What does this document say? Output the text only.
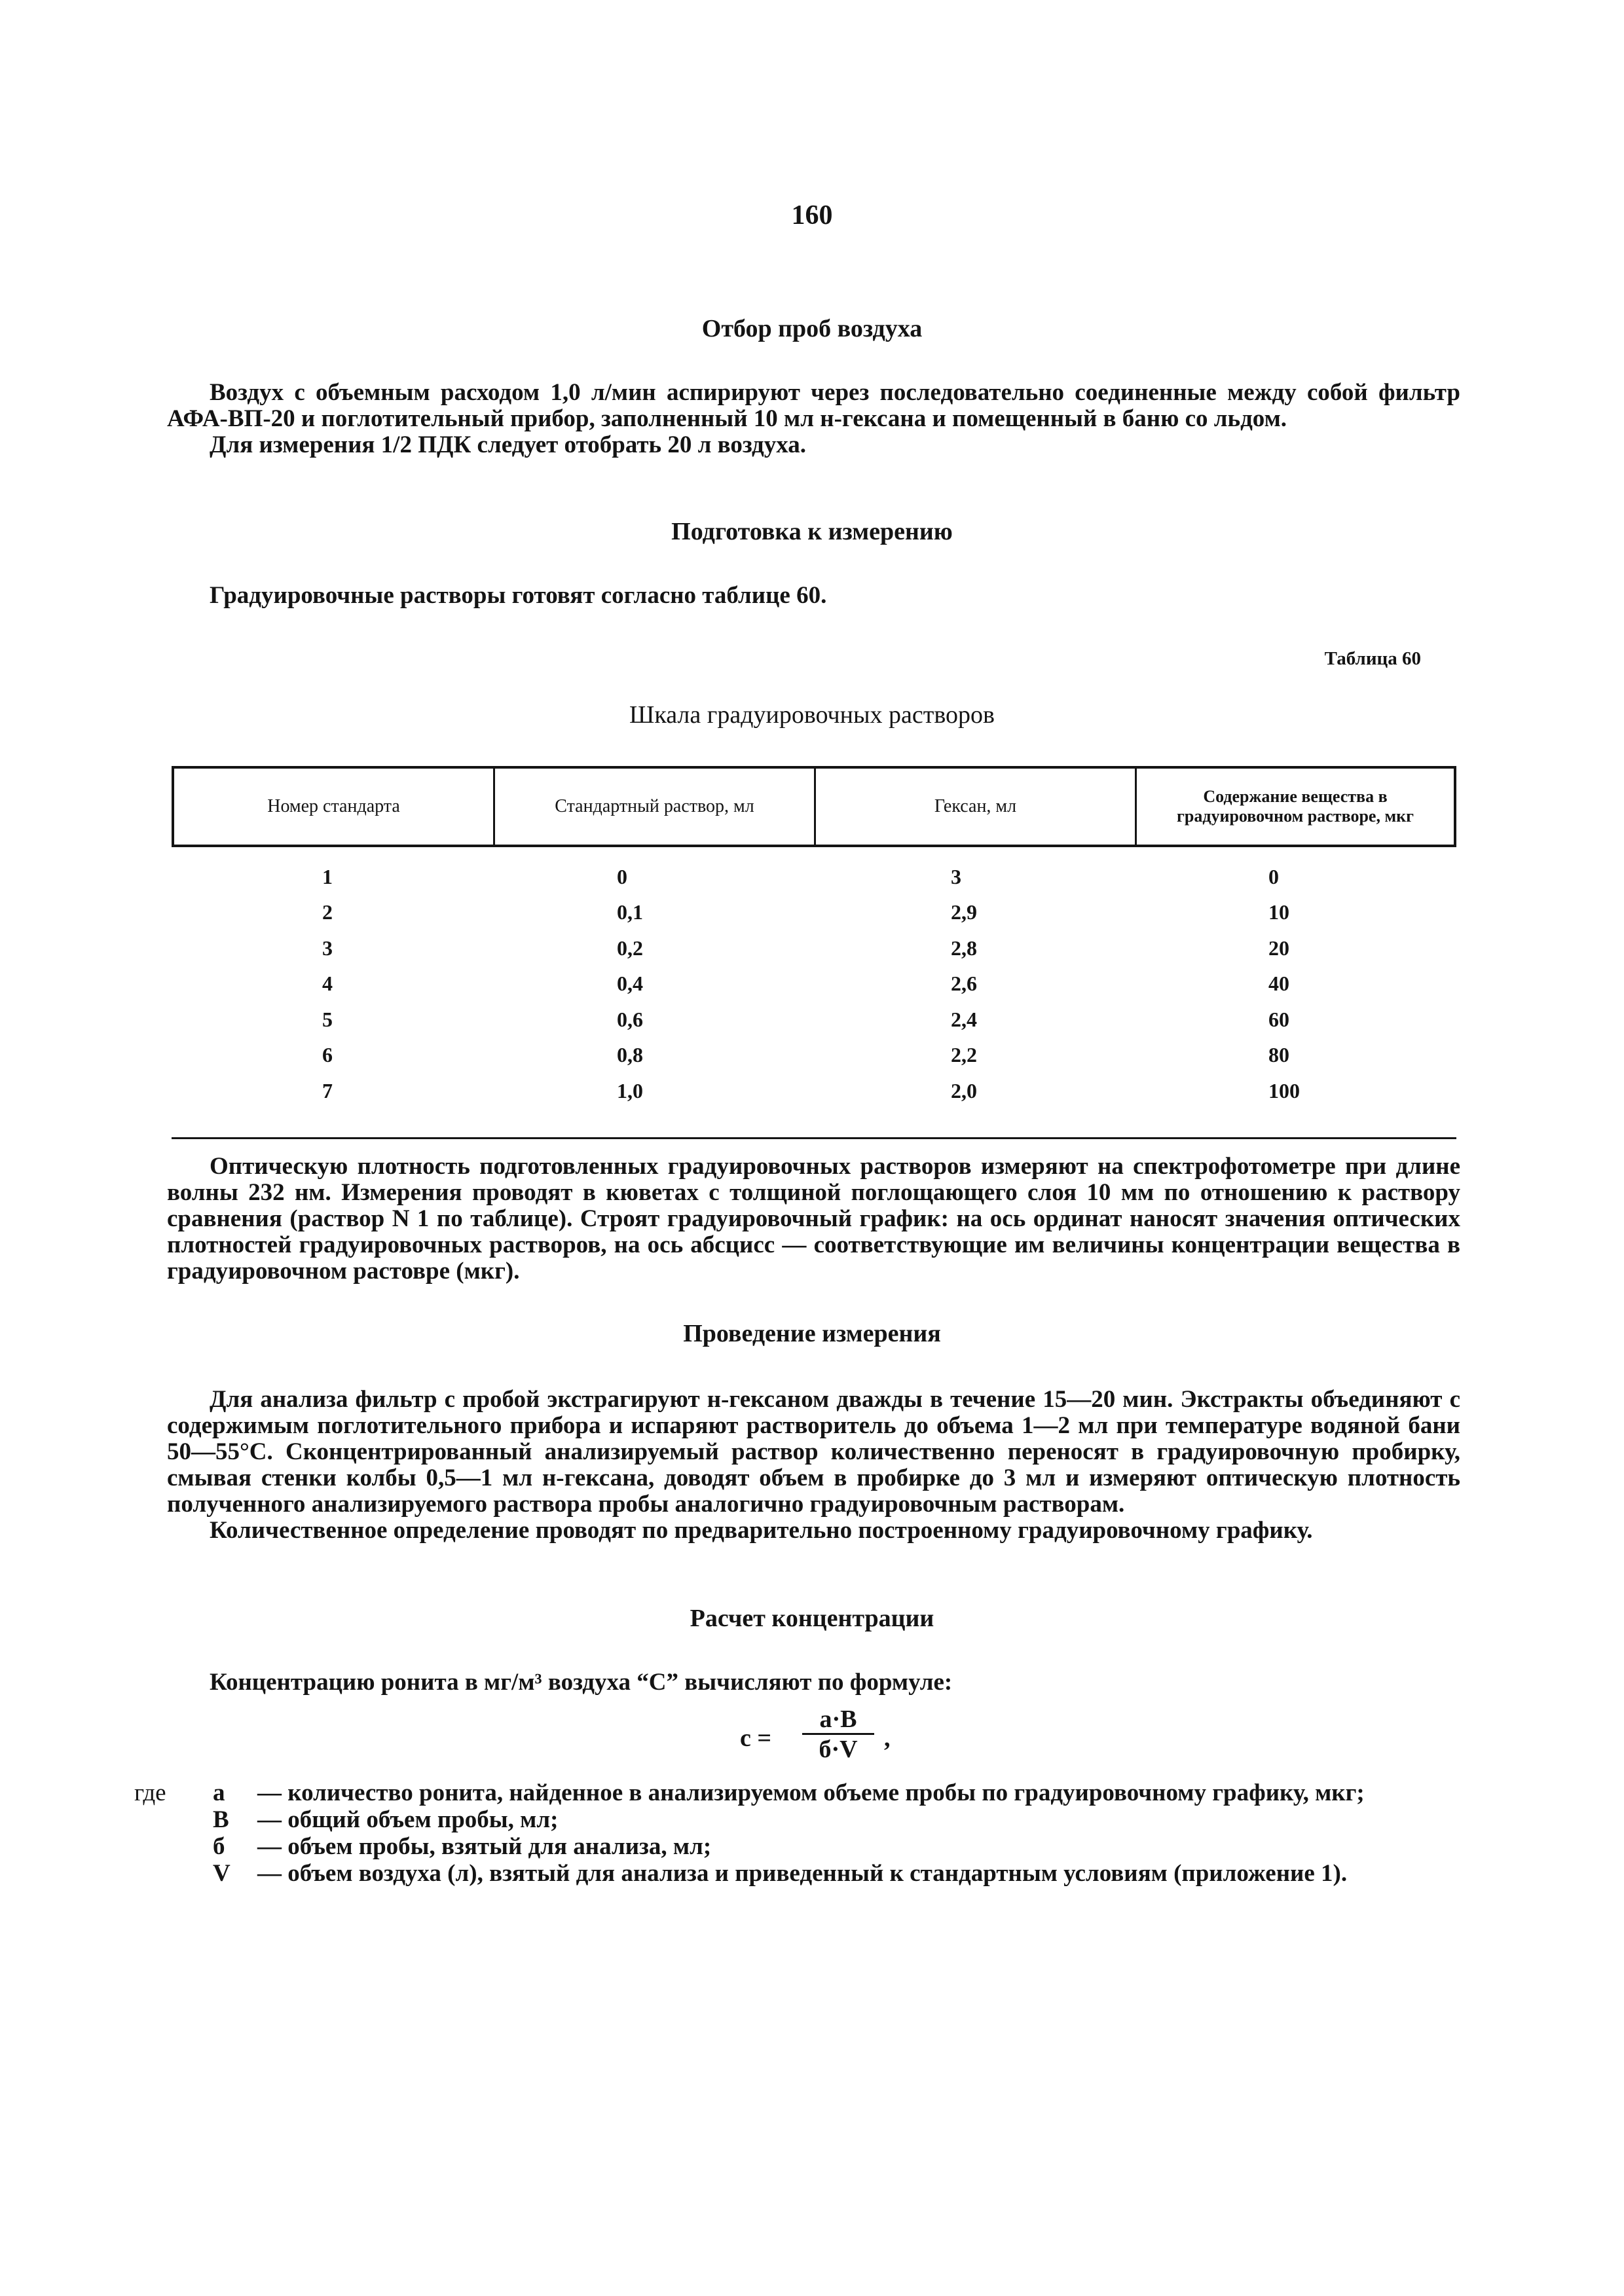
160
Отбор проб воздуха
Воздух с объемным расходом 1,0 л/мин аспирируют через последовательно соединенные между собой фильтр АФА-ВП-20 и поглотительный прибор, заполненный 10 мл н-гексана и помещенный в баню со льдом.
Для измерения 1/2 ПДК следует отобрать 20 л воздуха.
Подготовка к измерению
Градуировочные растворы готовят согласно таблице 60.
Таблица 60
Шкала градуировочных растворов
Номер стандарта	Стандартный раствор, мл	Гексан, мл	Содержание вещества в градуировочном растворе, мкг
1	0	3	0
2	0,1	2,9	10
3	0,2	2,8	20
4	0,4	2,6	40
5	0,6	2,4	60
6	0,8	2,2	80
7	1,0	2,0	100
Оптическую плотность подготовленных градуировочных растворов измеряют на спектрофотометре при длине волны 232 нм. Измерения проводят в кюветах с толщиной поглощающего слоя 10 мм по отношению к раствору сравнения (раствор N 1 по таблице). Строят градуировочный график: на ось ординат наносят значения оптических плотностей градуировочных растворов, на ось абсцисс — соответствующие им величины концентрации вещества в градуировочном растовре (мкг).
Проведение измерения
Для анализа фильтр с пробой экстрагируют н-гексаном дважды в течение 15—20 мин. Экстракты объединяют с содержимым поглотительного прибора и испаряют растворитель до объема 1—2 мл при температуре водяной бани 50—55°С. Сконцентрированный анализируемый раствор количественно переносят в градуировочную пробирку, смывая стенки колбы 0,5—1 мл н-гексана, доводят объем в пробирке до 3 мл и измеряют оптическую плотность полученного анализируемого раствора пробы аналогично градуировочным растворам.
Количественное определение проводят по предварительно построенному градуировочному графику.
Расчет концентрации
Концентрацию ронита в мг/м³ воздуха “С” вычисляют по формуле:
с =
а·В
б·V	,
где а	— количество ронита, найденное в анализируемом объеме пробы по градуировочному графику, мкг;
В	— общий объем пробы, мл;
б	— объем пробы, взятый для анализа, мл;
V	— объем воздуха (л), взятый для анализа и приведенный к стандартным условиям (приложение 1).
